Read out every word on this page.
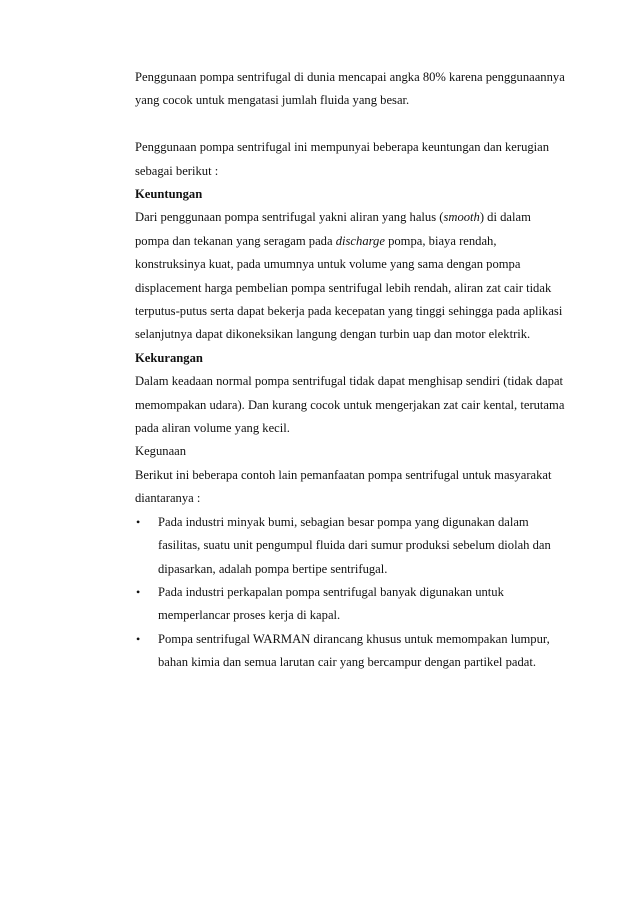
Penggunaan pompa sentrifugal di dunia mencapai angka 80% karena penggunaannya yang cocok untuk mengatasi jumlah fluida yang besar.

Penggunaan pompa sentrifugal ini mempunyai beberapa keuntungan dan kerugian sebagai berikut :

Keuntungan

Dari penggunaan pompa sentrifugal yakni aliran yang halus (smooth) di dalam pompa dan tekanan yang seragam pada discharge pompa, biaya rendah, konstruksinya kuat, pada umumnya untuk volume yang sama dengan pompa displacement harga pembelian pompa sentrifugal lebih rendah, aliran zat cair tidak terputus-putus serta dapat bekerja pada kecepatan yang tinggi sehingga pada aplikasi selanjutnya dapat dikoneksikan langung dengan turbin uap dan motor elektrik.

Kekurangan

Dalam keadaan normal pompa sentrifugal tidak dapat menghisap sendiri (tidak dapat memompakan udara). Dan kurang cocok untuk mengerjakan zat cair kental, terutama pada aliran volume yang kecil.

Kegunaan

Berikut ini beberapa contoh lain pemanfaatan pompa sentrifugal untuk masyarakat diantaranya :

• Pada industri minyak bumi, sebagian besar pompa yang digunakan dalam fasilitas, suatu unit pengumpul fluida dari sumur produksi sebelum diolah dan dipasarkan, adalah pompa bertipe sentrifugal.
• Pada industri perkapalan pompa sentrifugal banyak digunakan untuk memperlancar proses kerja di kapal.
• Pompa sentrifugal WARMAN dirancang khusus untuk memompakan lumpur, bahan kimia dan semua larutan cair yang bercampur dengan partikel padat.
